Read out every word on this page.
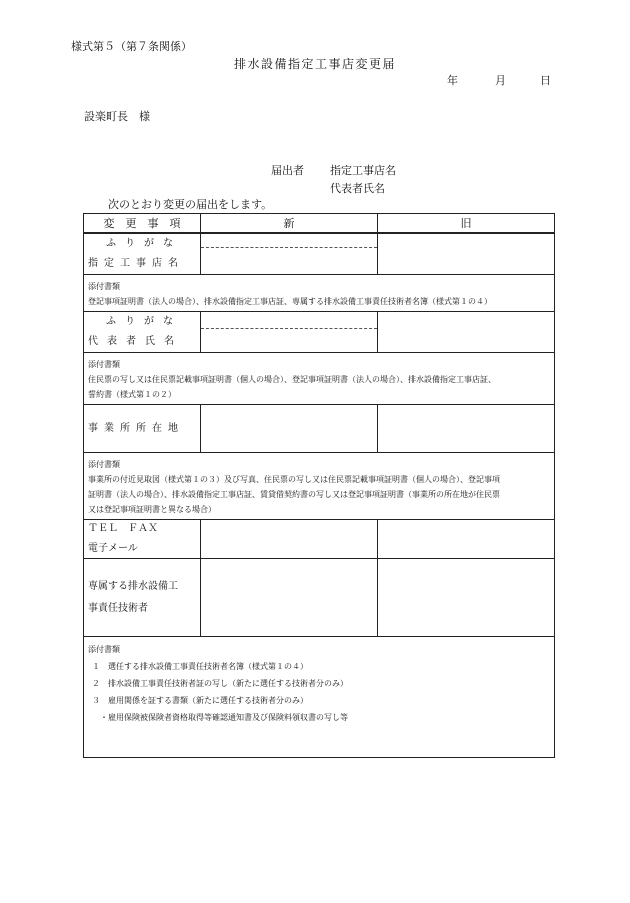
様式第５（第７条関係）
排水設備指定工事店変更届
年	月	日
設楽町長　様
届出者 指定工事店名
代表者氏名
次のとおり変更の届出をします。
変　更　事　項	新	旧

ふりがな
指定工事店名		

添付書類
登記事項証明書（法人の場合）、排水設備指定工事店証、専属する排水設備工事責任技術者名簿（様式第１の４）		

ふりがな
代表者氏名		

添付書類
住民票の写し又は住民票記載事項証明書（個人の場合）、登記事項証明書（法人の場合）、排水設備指定工事店証、
誓約書（様式第１の２）		

事業所所在地		

添付書類
事業所の付近見取図（様式第１の３）及び写真、住民票の写し又は住民票記載事項証明書（個人の場合）、登記事項
証明書（法人の場合）、排水設備指定工事店証、賃貸借契約書の写し又は登記事項証明書（事業所の所在地が住民票
又は登記事項証明書と異なる場合）		

ＴＥＬ　ＦＡＸ
電子メール		

専属する排水設備工
事責任技術者		

添付書類
１　選任する排水設備工事責任技術者名簿（様式第１の４）
２　排水設備工事責任技術者証の写し（新たに選任する技術者分のみ）
３　雇用関係を証する書類（新たに選任する技術者分のみ）
・雇用保険被保険者資格取得等確認通知書及び保険料領収書の写し等		
